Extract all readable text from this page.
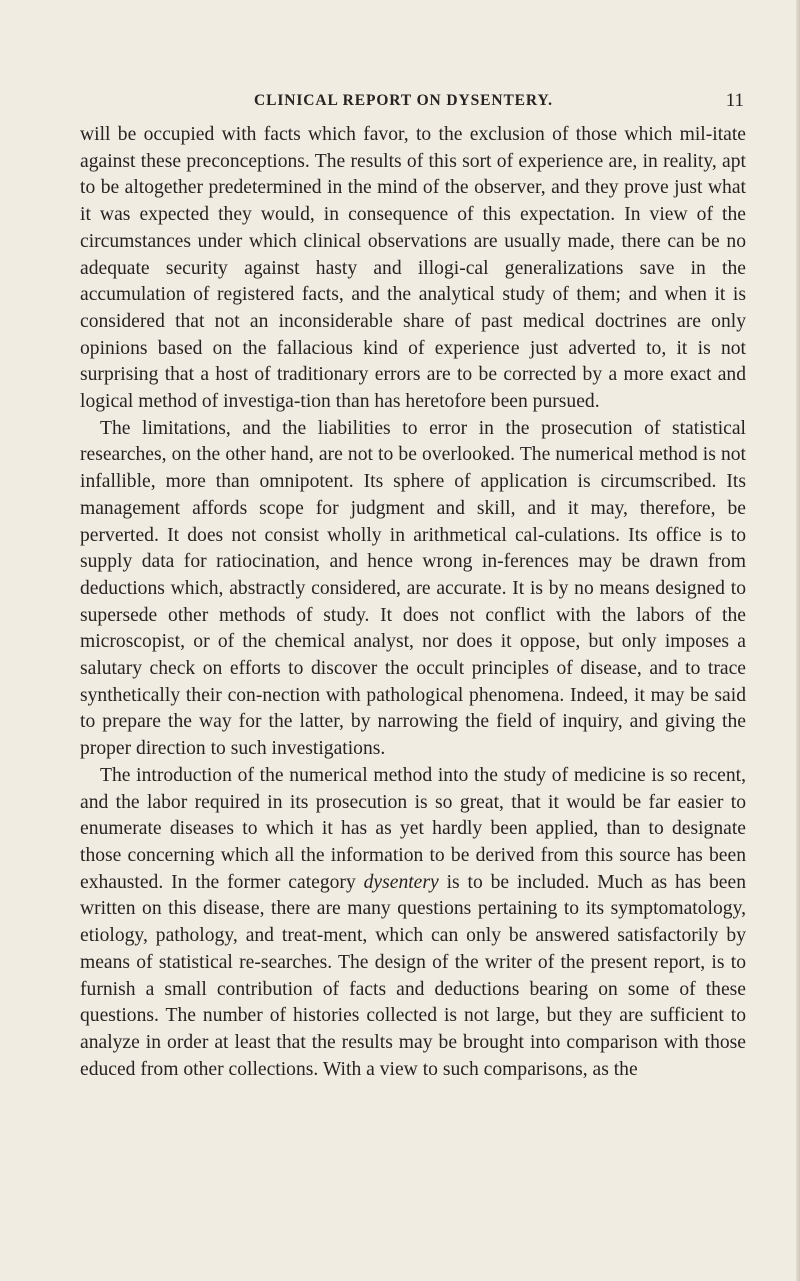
CLINICAL REPORT ON DYSENTERY.	11

will be occupied with facts which favor, to the exclusion of those which mil-itate against these preconceptions. The results of this sort of experience are, in reality, apt to be altogether predetermined in the mind of the observer, and they prove just what it was expected they would, in consequence of this expectation. In view of the circumstances under which clinical observations are usually made, there can be no adequate security against hasty and illogi-cal generalizations save in the accumulation of registered facts, and the analytical study of them; and when it is considered that not an inconsiderable share of past medical doctrines are only opinions based on the fallacious kind of experience just adverted to, it is not surprising that a host of traditionary errors are to be corrected by a more exact and logical method of investiga-tion than has heretofore been pursued.

The limitations, and the liabilities to error in the prosecution of statistical researches, on the other hand, are not to be overlooked. The numerical method is not infallible, more than omnipotent. Its sphere of application is circumscribed. Its management affords scope for judgment and skill, and it may, therefore, be perverted. It does not consist wholly in arithmetical cal-culations. Its office is to supply data for ratiocination, and hence wrong in-ferences may be drawn from deductions which, abstractly considered, are accurate. It is by no means designed to supersede other methods of study. It does not conflict with the labors of the microscopist, or of the chemical analyst, nor does it oppose, but only imposes a salutary check on efforts to discover the occult principles of disease, and to trace synthetically their con-nection with pathological phenomena. Indeed, it may be said to prepare the way for the latter, by narrowing the field of inquiry, and giving the proper direction to such investigations.

The introduction of the numerical method into the study of medicine is so recent, and the labor required in its prosecution is so great, that it would be far easier to enumerate diseases to which it has as yet hardly been applied, than to designate those concerning which all the information to be derived from this source has been exhausted. In the former category dysentery is to be included. Much as has been written on this disease, there are many questions pertaining to its symptomatology, etiology, pathology, and treat-ment, which can only be answered satisfactorily by means of statistical re-searches. The design of the writer of the present report, is to furnish a small contribution of facts and deductions bearing on some of these questions. The number of histories collected is not large, but they are sufficient to analyze in order at least that the results may be brought into comparison with those educed from other collections. With a view to such comparisons, as the
